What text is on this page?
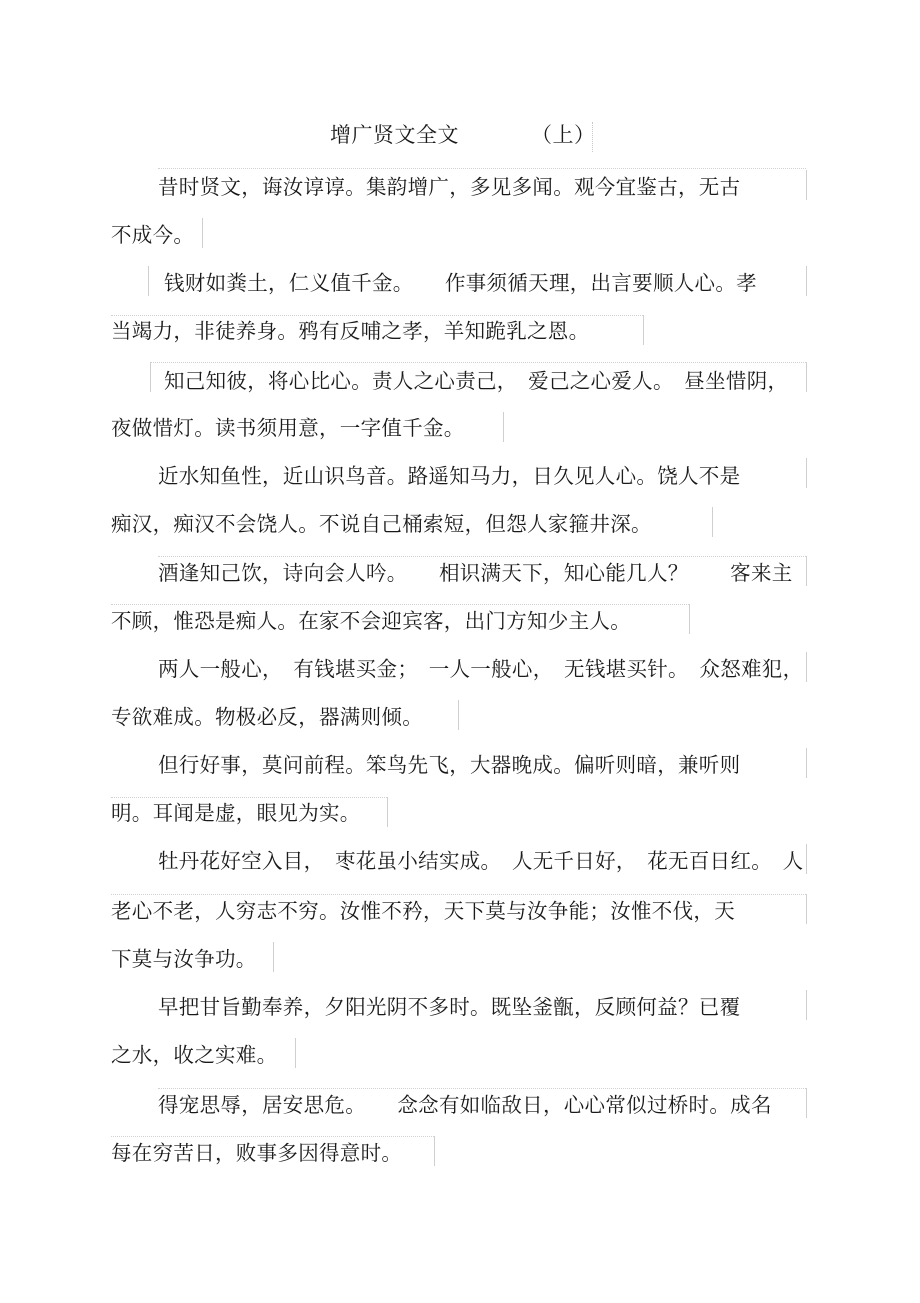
增广贤文全文	（上）
昔时贤文，诲汝谆谆。集韵增广，多见多闻。观今宜鉴古，无古
不成今。
钱财如粪土，仁义值千金。　　作事须循天理，出言要顺人心。孝
当竭力，非徒养身。鸦有反哺之孝，羊知跪乳之恩。
知己知彼，将心比心。责人之心责己，　爱己之心爱人。　昼坐惜阴，
夜做惜灯。读书须用意，一字值千金。
近水知鱼性，近山识鸟音。路遥知马力，日久见人心。饶人不是
痴汉，痴汉不会饶人。不说自己桶索短，但怨人家箍井深。
酒逢知己饮，诗向会人吟。　　相识满天下，知心能几人？　　客来主
不顾，惟恐是痴人。在家不会迎宾客，出门方知少主人。
两人一般心，　有钱堪买金；　一人一般心，　无钱堪买针。　众怒难犯，
专欲难成。物极必反，器满则倾。
但行好事，莫问前程。笨鸟先飞，大器晚成。偏听则暗，兼听则
明。耳闻是虚，眼见为实。
牡丹花好空入目，　枣花虽小结实成。　人无千日好，　花无百日红。　人
老心不老，人穷志不穷。汝惟不矜，天下莫与汝争能；汝惟不伐，天
下莫与汝争功。
早把甘旨勤奉养，夕阳光阴不多时。既坠釜甑，反顾何益？已覆
之水，收之实难。
得宠思辱，居安思危。　　念念有如临敌日，心心常似过桥时。成名
每在穷苦日，败事多因得意时。
